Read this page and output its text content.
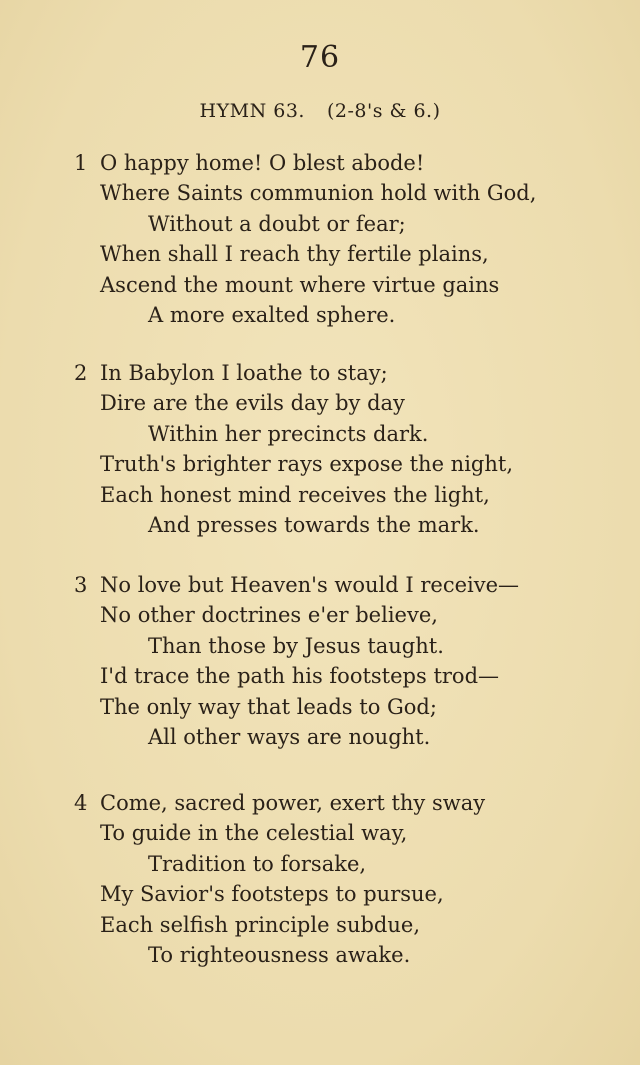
76
HYMN 63. (2-8's & 6.)
1 O happy home! O blest abode!
Where Saints communion hold with God,
Without a doubt or fear;
When shall I reach thy fertile plains,
Ascend the mount where virtue gains
A more exalted sphere.
2 In Babylon I loathe to stay;
Dire are the evils day by day
Within her precincts dark.
Truth's brighter rays expose the night,
Each honest mind receives the light,
And presses towards the mark.
3 No love but Heaven's would I receive—
No other doctrines e'er believe,
Than those by Jesus taught.
I'd trace the path his footsteps trod—
The only way that leads to God;
All other ways are nought.
4 Come, sacred power, exert thy sway
To guide in the celestial way,
Tradition to forsake,
My Savior's footsteps to pursue,
Each selfish principle subdue,
To righteousness awake.
